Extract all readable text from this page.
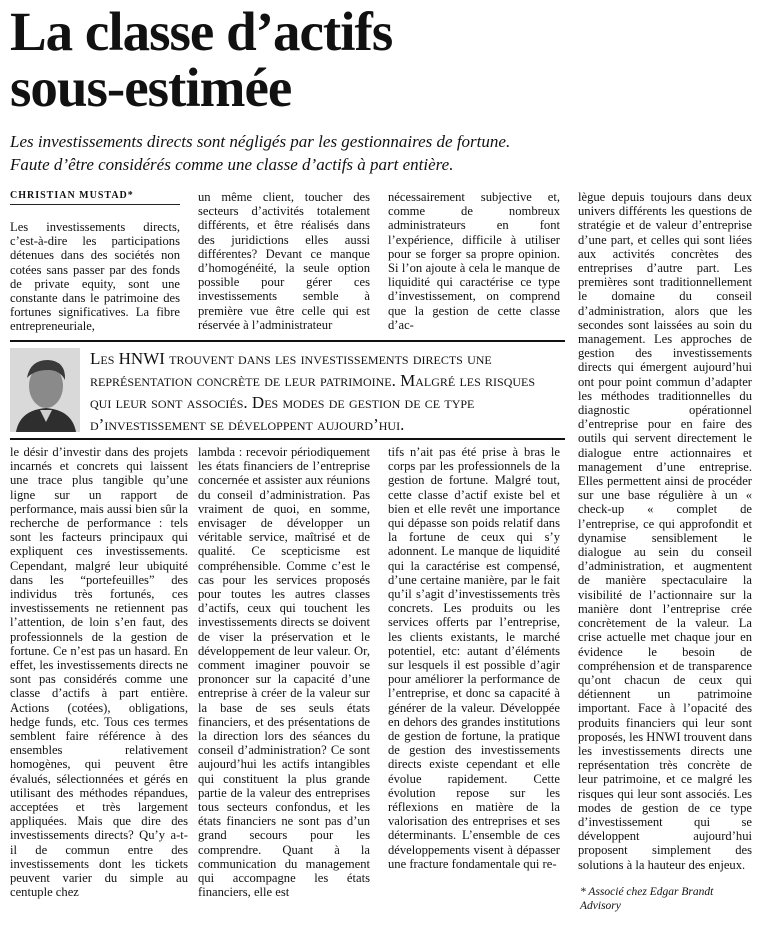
La classe d’actifs
sous-estimée
Les investissements directs sont négligés par les gestionnaires de fortune.
Faute d’être considérés comme une classe d’actifs à part entière.
CHRISTIAN MUSTAD*

Les investissements directs, c’est-à-dire les participations détenues dans des sociétés non cotées sans passer par des fonds de private equity, sont une constante dans le patrimoine des fortunes significatives. La fibre entrepreneuriale,

un même client, toucher des secteurs d’activités totalement différents, et être réalisés dans des juridictions elles aussi différentes? Devant ce manque d’homogénéité, la seule option possible pour gérer ces investissements semble à première vue être celle qui est réservée à l’administrateur

nécessairement subjective et, comme de nombreux administrateurs en font l’expérience, difficile à utiliser pour se forger sa propre opinion. Si l’on ajoute à cela le manque de liquidité qui caractérise ce type d’investissement, on comprend que la gestion de cette classe d’ac-

lègue depuis toujours dans deux univers différents les questions de stratégie et de valeur d’entreprise d’une part, et celles qui sont liées aux activités concrètes des entreprises d’autre part. Les premières sont traditionnellement le domaine du conseil d’administration, alors que les secondes sont laissées au soin du management. Les approches de gestion des investissements directs qui émergent aujourd’hui ont pour point commun d’adapter les méthodes traditionnelles du diagnostic opérationnel d’entreprise pour en faire des outils qui servent directement le dialogue entre actionnaires et management d’une entreprise. Elles permettent ainsi de procéder sur une base régulière à un « check-up « complet de l’entreprise, ce qui approfondit et dynamise sensiblement le dialogue au sein du conseil d’administration, et augmentent de manière spectaculaire la visibilité de l’actionnaire sur la manière dont l’entreprise crée concrètement de la valeur. La crise actuelle met chaque jour en évidence le besoin de compréhension et de transparence qu’ont chacun de ceux qui détiennent un patrimoine important. Face à l’opacité des produits financiers qui leur sont proposés, les HNWI trouvent dans les investissements directs une représentation très concrète de leur patrimoine, et ce malgré les risques qui leur sont associés. Les modes de gestion de ce type d’investissement qui se développent aujourd’hui proposent simplement des solutions à la hauteur des enjeux.

Les HNWI trouvent dans les investissements directs une représentation concrète de leur patrimoine. Malgré les risques qui leur sont associés. Des modes de gestion de ce type d’investissement se développent aujourd’hui.

le désir d’investir dans des projets incarnés et concrets qui laissent une trace plus tangible qu’une ligne sur un rapport de performance, mais aussi bien sûr la recherche de performance : tels sont les facteurs principaux qui expliquent ces investissements. Cependant, malgré leur ubiquité dans les “portefeuilles” des individus très fortunés, ces investissements ne retiennent pas l’attention, de loin s’en faut, des professionnels de la gestion de fortune. Ce n’est pas un hasard. En effet, les investissements directs ne sont pas considérés comme une classe d’actifs à part entière. Actions (cotées), obligations, hedge funds, etc. Tous ces termes semblent faire référence à des ensembles relativement homogènes, qui peuvent être évalués, sélectionnées et gérés en utilisant des méthodes répandues, acceptées et très largement appliquées. Mais que dire des investissements directs? Qu’y a-t-il de commun entre des investissements dont les tickets peuvent varier du simple au centuple chez

lambda : recevoir périodiquement les états financiers de l’entreprise concernée et assister aux réunions du conseil d’administration. Pas vraiment de quoi, en somme, envisager de développer un véritable service, maîtrisé et de qualité. Ce scepticisme est compréhensible. Comme c’est le cas pour les services proposés pour toutes les autres classes d’actifs, ceux qui touchent les investissements directs se doivent de viser la préservation et le développement de leur valeur. Or, comment imaginer pouvoir se prononcer sur la capacité d’une entreprise à créer de la valeur sur la base de ses seuls états financiers, et des présentations de la direction lors des séances du conseil d’administration? Ce sont aujourd’hui les actifs intangibles qui constituent la plus grande partie de la valeur des entreprises tous secteurs confondus, et les états financiers ne sont pas d’un grand secours pour les comprendre. Quant à la communication du management qui accompagne les états financiers, elle est

tifs n’ait pas été prise à bras le corps par les professionnels de la gestion de fortune. Malgré tout, cette classe d’actif existe bel et bien et elle revêt une importance qui dépasse son poids relatif dans la fortune de ceux qui s’y adonnent. Le manque de liquidité qui la caractérise est compensé, d’une certaine manière, par le fait qu’il s’agit d’investissements très concrets. Les produits ou les services offerts par l’entreprise, les clients existants, le marché potentiel, etc: autant d’éléments sur lesquels il est possible d’agir pour améliorer la performance de l’entreprise, et donc sa capacité à générer de la valeur. Développée en dehors des grandes institutions de gestion de fortune, la pratique de gestion des investissements directs existe cependant et elle évolue rapidement. Cette évolution repose sur les réflexions en matière de la valorisation des entreprises et ses déterminants. L’ensemble de ces développements visent à dépasser une fracture fondamentale qui re-

* Associé chez Edgar Brandt Advisory
